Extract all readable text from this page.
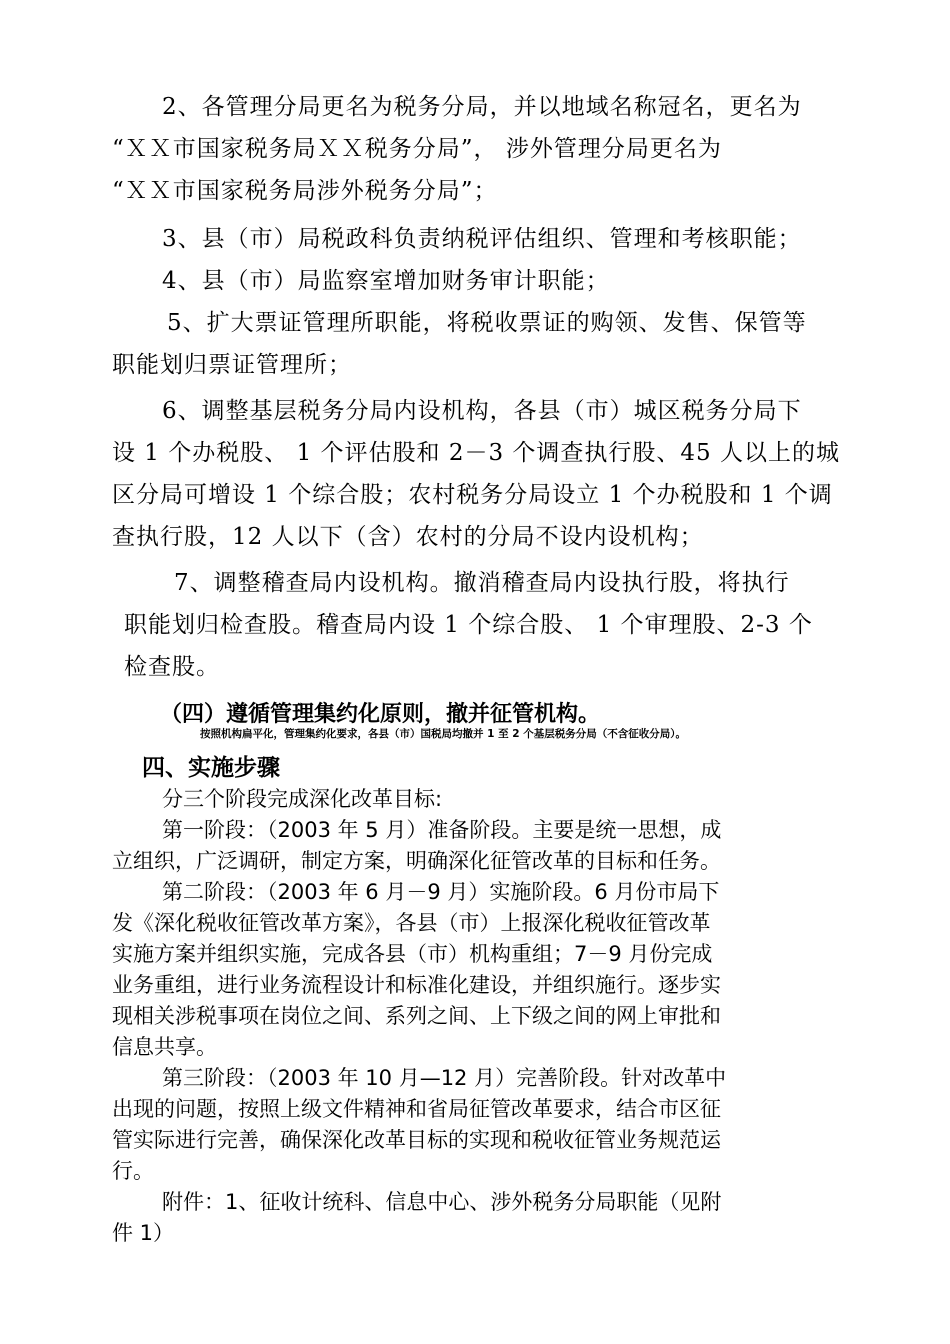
2、各管理分局更名为税务分局，并以地域名称冠名，更名为
“ＸＸ市国家税务局ＸＸ税务分局”， 涉外管理分局更名为
“ＸＸ市国家税务局涉外税务分局”；
3、县（市）局税政科负责纳税评估组织、管理和考核职能；
4、县（市）局监察室增加财务审计职能；
5、扩大票证管理所职能，将税收票证的购领、发售、保管等
职能划归票证管理所；
6、调整基层税务分局内设机构，各县（市）城区税务分局下
设 1 个办税股、 1 个评估股和 2－3 个调查执行股、45 人以上的城
区分局可增设 1 个综合股；农村税务分局设立 1 个办税股和 1 个调
查执行股，12 人以下（含）农村的分局不设内设机构；
7、调整稽查局内设机构。撤消稽查局内设执行股，将执行
职能划归检查股。稽查局内设 1 个综合股、 1 个审理股、2-3 个
检查股。
（四）遵循管理集约化原则，撤并征管机构。
按照机构扁平化，管理集约化要求，各县（市）国税局均撤并 1 至 2 个基层税务分局（不含征收分局）。
四、实施步骤
分三个阶段完成深化改革目标:
第一阶段：（2003 年 5 月）准备阶段。主要是统一思想，成
立组织，广泛调研，制定方案，明确深化征管改革的目标和任务。
第二阶段：（2003 年 6 月－9 月）实施阶段。6 月份市局下
发《深化税收征管改革方案》，各县（市）上报深化税收征管改革
实施方案并组织实施，完成各县（市）机构重组；7－9 月份完成
业务重组，进行业务流程设计和标准化建设，并组织施行。逐步实
现相关涉税事项在岗位之间、系列之间、上下级之间的网上审批和
信息共享。
第三阶段：（2003 年 10 月—12 月）完善阶段。针对改革中
出现的问题，按照上级文件精神和省局征管改革要求，结合市区征
管实际进行完善，确保深化改革目标的实现和税收征管业务规范运
行。
附件：1、征收计统科、信息中心、涉外税务分局职能（见附
件 1）
